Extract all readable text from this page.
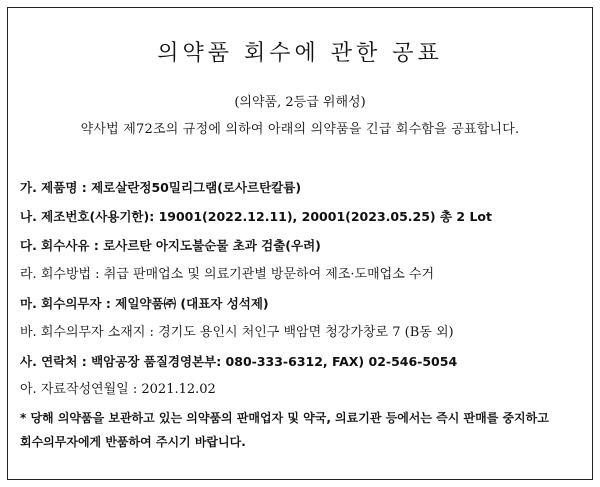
의약품 회수에 관한 공표
(의약품, 2등급 위해성)
약사법 제72조의 규정에 의하여 아래의 의약품을 긴급 회수함을 공표합니다.
가. 제품명 : 제로살란정50밀리그램(로사르탄칼륨)
나. 제조번호(사용기한): 19001(2022.12.11), 20001(2023.05.25) 총 2 Lot
다. 회수사유 : 로사르탄 아지도불순물 초과 검출(우려)
라. 회수방법 : 취급 판매업소 및 의료기관별 방문하여 제조·도매업소 수거
마. 회수의무자 : 제일약품㈜ (대표자 성석제)
바. 회수의무자 소재지 : 경기도 용인시 처인구 백암면 청강가창로 7 (B동 외)
사. 연락처 : 백암공장 품질경영본부: 080-333-6312, FAX) 02-546-5054
아. 자료작성연월일 : 2021.12.02
* 당해 의약품을 보관하고 있는 의약품의 판매업자 및 약국, 의료기관 등에서는 즉시 판매를 중지하고 회수의무자에게 반품하여 주시기 바랍니다.
